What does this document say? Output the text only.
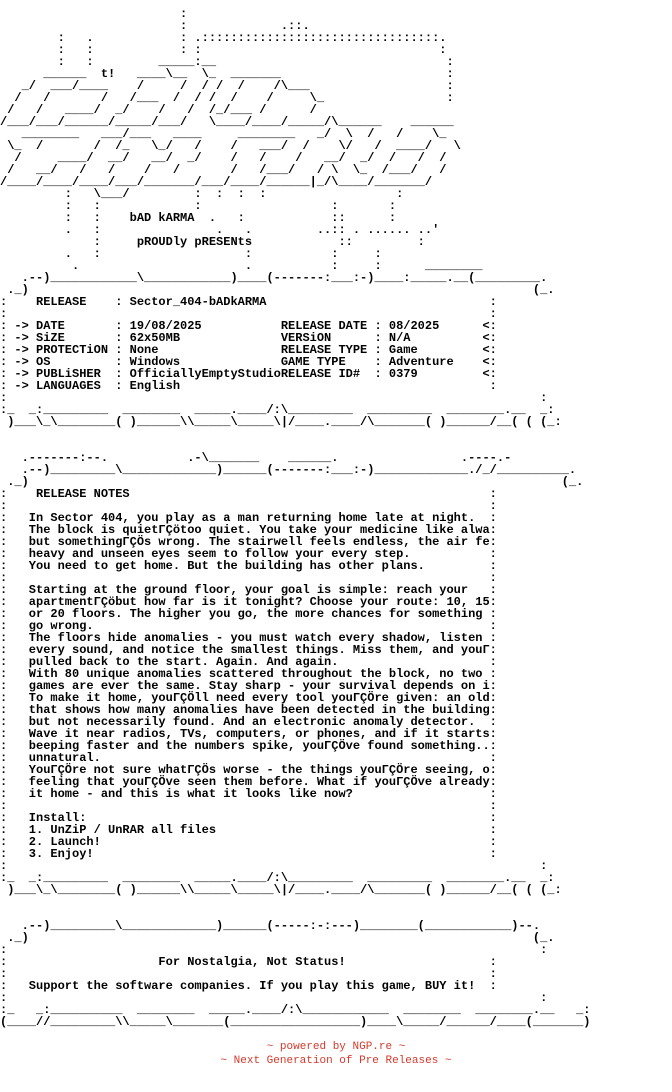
:
:             .::.
:   .            : .:::::::::::::::::::::::::::::::::.
:   :            : :                                 :
:   :         _____:__                                :
______  t!   ____\__  \_  _______                       :
_/  ___/____    /     /  / /  /    /\___                   :
/   /       /   /___  /  / /  /    /     \_                 :
/   /   ____/  _/    /   /  /_/___ /      /
/___/___/______/_____/___/   \____/____/_____/\______    ______
________   ___/___   ____     ________   _/  \  /   /    \_
\_  /       /  /_   \_/   /    /   ___/  /    \/   /  ____/   \
/     ____/  __/   __/  _/    /   /    /   __/  _/  /   /  /
/   __/   /   /    /   /       /   /___/   / \  \_  /___/   /
/____/____/____/___/_______/___/____/______|_/\____/_______/
:   \___/         :  :  :  :                  :
:   :             :                  :       :
:   :    bAD kARMA  .   :            ::      :
.   :                .   .         ..:: . ...... ..'
:     pROUDly pRESENts            ::         :
.   :                    :           :     :
.                       .           :     :      ________
.--)____________\____________)____(-------:___:-)____:_____.__(_________.
._)                                                                      (_.
:    RELEASE    : Sector_404-bADkARMA                               :
:                                                                   :
: -> DATE       : 19/08/2025           RELEASE DATE : 08/2025      <:
: -> SiZE       : 62x50MB              VERSiON      : N/A          <:
: -> PROTECTiON : None                 RELEASE TYPE : Game         <:
: -> OS         : Windows              GAME TYPE    : Adventure    <:
: -> PUBLiSHER  : OfficiallyEmptyStudioRELEASE ID#  : 0379         <:
: -> LANGUAGES  : English                                           :
:                                                                          :
:_  _:_________  ________  _____.____/:\_________  _________  ________.__  _:
)___\_\________( )______\\_____\_____\|/____.____/\_______( )______/__( ( (_:
.-------:--.           .-\_______    ______.                 .----.-
.--)_________\_____________)______(-------:___:-)_____________./_/__________.
._)                                                                          (_.
:    RELEASE NOTES                                                  :
:                                                                   :
:   In Sector 404, you play as a man returning home late at night.  :
:   The block is quietΓÇötoo quiet. You take your medicine like alwa:
:   but somethingΓÇÖs wrong. The stairwell feels endless, the air fe:
:   heavy and unseen eyes seem to follow your every step.           :
:   You need to get home. But the building has other plans.         :
:                                                                   :
:   Starting at the ground floor, your goal is simple: reach your   :
:   apartmentΓÇöbut how far is it tonight? Choose your route: 10, 15:
:   or 20 floors. The higher you go, the more chances for something :
:   go wrong.                                                       :
:   The floors hide anomalies - you must watch every shadow, listen :
:   every sound, and notice the smallest things. Miss them, and youΓ:
:   pulled back to the start. Again. And again.                     :
:   With 80 unique anomalies scattered throughout the block, no two :
:   games are ever the same. Stay sharp - your survival depends on i:
:   To make it home, youΓÇÖll need every tool youΓÇÖre given: an old:
:   that shows how many anomalies have been detected in the building:
:   but not necessarily found. And an electronic anomaly detector.  :
:   Wave it near radios, TVs, computers, or phones, and if it starts:
:   beeping faster and the numbers spike, youΓÇÖve found something..:
:   unnatural.                                                      :
:   YouΓÇÖre not sure whatΓÇÖs worse - the things youΓÇÖre seeing, o:
:   feeling that youΓÇÖve seen them before. What if youΓÇÖve already:
:   it home - and this is what it looks like now?                   :
:                                                                   :
:   Install:                                                        :
:   1. UnZiP / UnRAR all files                                      :
:   2. Launch!                                                      :
:   3. Enjoy!                                                       :
:                                                                          :
:_  _:_________  ________  _____.____/:\_________  _________  ________.__  _:
)___\_\________( )______\\_____\_____\|/____.____/\_______( )______/__( ( (_:
.--)_________\_____________)______(-----:-:---)________(____________)--.
._)                                                                      (_.
:                                                                          :
:                     For Nostalgia, Not Status!                    :
:                                                                   :
:   Support the software companies. If you play this game, BUY it!  :
:                                                                          :
:_   _:__________  ________  _____.____/:\____________  ________  ________.__   _:
(____//_________\\_____\_______(__________________)____\_____/______/____(_______)
~ powered by NGP.re ~
~ Next Generation of Pre Releases ~
